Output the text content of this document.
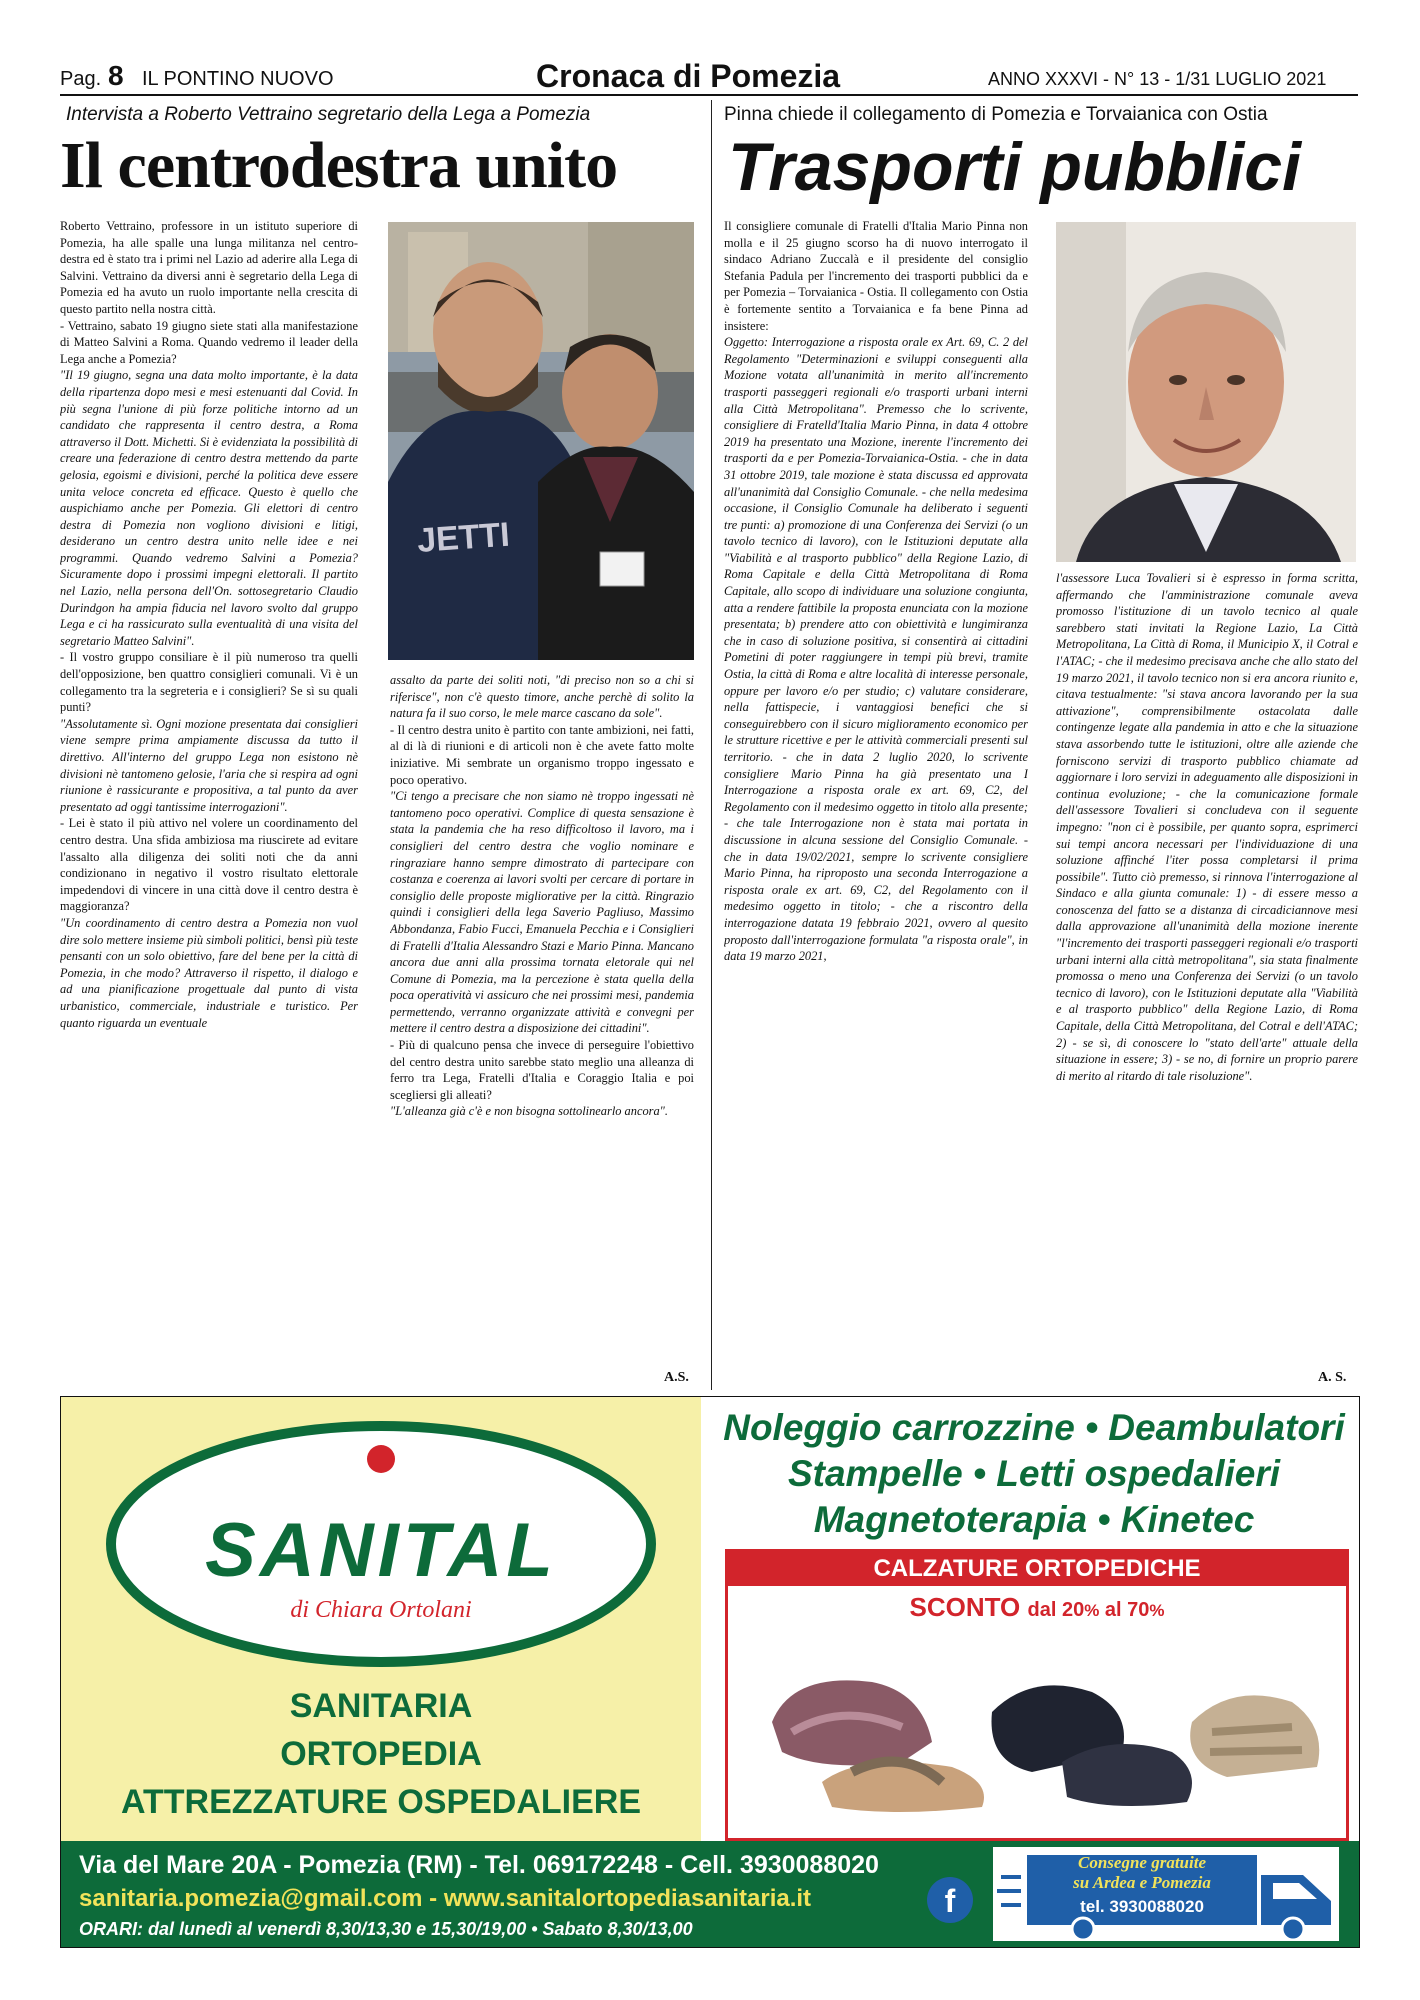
Pag. 8 IL PONTINO NUOVO	Cronaca di Pomezia	ANNO XXXVI - N° 13 - 1/31 LUGLIO 2021
Intervista a Roberto Vettraino segretario della Lega a Pomezia
Il centrodestra unito

Roberto Vettraino, professore in un istituto superiore di Pomezia, ha alle spalle una lunga militanza nel centro- destra ed è stato tra i primi nel Lazio ad aderire alla Lega di Salvini. Vettraino da diversi anni è segretario della Lega di Pomezia ed ha avuto un ruolo importante nella crescita di questo partito nella nostra città.

- Vettraino, sabato 19 giugno siete stati alla manifestazione di Matteo Salvini a Roma. Quando vedremo il leader della Lega anche a Pomezia?

"Il 19 giugno, segna una data molto importante, è la data della ripartenza dopo mesi e mesi estenuanti dal Covid. In più segna l'unione di più forze politiche intorno ad un candidato che rappresenta il centro destra, a Roma attraverso il Dott. Michetti. Si è evidenziata la possibilità di creare una federazione di centro destra mettendo da parte gelosia, egoismi e divisioni, perché la politica deve essere unita veloce concreta ed efficace. Questo è quello che auspichiamo anche per Pomezia. Gli elettori di centro destra di Pomezia non vogliono divisioni e litigi, desiderano un centro destra unito nelle idee e nei programmi. Quando vedremo Salvini a Pomezia? Sicuramente dopo i prossimi impegni elettorali. Il partito nel Lazio, nella persona dell'On. sottosegretario Claudio Durindgon ha ampia fiducia nel lavoro svolto dal gruppo Lega e ci ha rassicurato sulla eventualità di una visita del segretario Matteo Salvini".

- Il vostro gruppo consiliare è il più numeroso tra quelli dell'opposizione, ben quattro consiglieri comunali. Vi è un collegamento tra la segreteria e i consiglieri? Se sì su quali punti?

"Assolutamente sì. Ogni mozione presentata dai consiglieri viene sempre prima ampiamente discussa da tutto il direttivo. All'interno del gruppo Lega non esistono nè divisioni nè tantomeno gelosie, l'aria che si respira ad ogni riunione è rassicurante e propositiva, a tal punto da aver presentato ad oggi tantissime interrogazioni".

- Lei è stato il più attivo nel volere un coordinamento del centro destra. Una sfida ambiziosa ma riuscirete ad evitare l'assalto alla diligenza dei soliti noti che da anni condizionano in negativo il vostro risultato elettorale impedendovi di vincere in una città dove il centro destra è maggioranza?

"Un coordinamento di centro destra a Pomezia non vuol dire solo mettere insieme più simboli politici, bensì più teste pensanti con un solo obiettivo, fare del bene per la città di Pomezia, in che modo? Attraverso il rispetto, il dialogo e ad una pianificazione progettuale dal punto di vista urbanistico, commerciale, industriale e turistico. Per quanto riguarda un eventuale

JETTI

assalto da parte dei soliti noti, "di preciso non so a chi si riferisce", non c'è questo timore, anche perchè di solito la natura fa il suo corso, le mele marce cascano da sole".

- Il centro destra unito è partito con tante ambizioni, nei fatti, al di là di riunioni e di articoli non è che avete fatto molte iniziative. Mi sembrate un organismo troppo ingessato e poco operativo.

"Ci tengo a precisare che non siamo nè troppo ingessati nè tantomeno poco operativi. Complice di questa sensazione è stata la pandemia che ha reso difficoltoso il lavoro, ma i consiglieri del centro destra che voglio nominare e ringraziare hanno sempre dimostrato di partecipare con costanza e coerenza ai lavori svolti per cercare di portare in consiglio delle proposte migliorative per la città. Ringrazio quindi i consiglieri della lega Saverio Pagliuso, Massimo Abbondanza, Fabio Fucci, Emanuela Pecchia e i Consiglieri di Fratelli d'Italia Alessandro Stazi e Mario Pinna. Mancano ancora due anni alla prossima tornata eletorale qui nel Comune di Pomezia, ma la percezione è stata quella della poca operatività vi assicuro che nei prossimi mesi, pandemia permettendo, verranno organizzate attività e convegni per mettere il centro destra a disposizione dei cittadini".

- Più di qualcuno pensa che invece di perseguire l'obiettivo del centro destra unito sarebbe stato meglio una alleanza di ferro tra Lega, Fratelli d'Italia e Coraggio Italia e poi scegliersi gli alleati?

"L'alleanza già c'è e non bisogna sottolinearlo ancora".

A.S.
Pinna chiede il collegamento di Pomezia e Torvaianica con Ostia
Trasporti pubblici

Il consigliere comunale di Fratelli d'Italia Mario Pinna non molla e il 25 giugno scorso ha di nuovo interrogato il sindaco Adriano Zuccalà e il presidente del consiglio Stefania Padula per l'incremento dei trasporti pubblici da e per Pomezia – Torvaianica - Ostia. Il collegamento con Ostia è fortemente sentito a Torvaianica e fa bene Pinna ad insistere:

Oggetto: Interrogazione a risposta orale ex Art. 69, C. 2 del Regolamento "Determinazioni e sviluppi conseguenti alla Mozione votata all'unanimità in merito all'incremento trasporti passeggeri regionali e/o trasporti urbani interni alla Città Metropolitana". Premesso che lo scrivente, consigliere di Fratelld'Italia Mario Pinna, in data 4 ottobre 2019 ha presentato una Mozione, inerente l'incremento dei trasporti da e per Pomezia-Torvaianica-Ostia. - che in data 31 ottobre 2019, tale mozione è stata discussa ed approvata all'unanimità dal Consiglio Comunale. - che nella medesima occasione, il Consiglio Comunale ha deliberato i seguenti tre punti: a) promozione di una Conferenza dei Servizi (o un tavolo tecnico di lavoro), con le Istituzioni deputate alla "Viabilità e al trasporto pubblico" della Regione Lazio, di Roma Capitale e della Città Metropolitana di Roma Capitale, allo scopo di individuare una soluzione congiunta, atta a rendere fattibile la proposta enunciata con la mozione presentata; b) prendere atto con obiettività e lungimiranza che in caso di soluzione positiva, si consentirà ai cittadini Pometini di poter raggiungere in tempi più brevi, tramite Ostia, la città di Roma e altre località di interesse personale, oppure per lavoro e/o per studio; c) valutare considerare, nella fattispecie, i vantaggiosi benefici che si conseguirebbero con il sicuro miglioramento economico per le strutture ricettive e per le attività commerciali presenti sul territorio. - che in data 2 luglio 2020, lo scrivente consigliere Mario Pinna ha già presentato una I Interrogazione a risposta orale ex art. 69, C2, del Regolamento con il medesimo oggetto in titolo alla presente; - che tale Interrogazione non è stata mai portata in discussione in alcuna sessione del Consiglio Comunale. - che in data 19/02/2021, sempre lo scrivente consigliere Mario Pinna, ha riproposto una seconda Interrogazione a risposta orale ex art. 69, C2, del Regolamento con il medesimo oggetto in titolo; - che a riscontro della interrogazione datata 19 febbraio 2021, ovvero al quesito proposto dall'interrogazione formulata "a risposta orale", in data 19 marzo 2021,

l'assessore Luca Tovalieri si è espresso in forma scritta, affermando che l'amministrazione comunale aveva promosso l'istituzione di un tavolo tecnico al quale sarebbero stati invitati la Regione Lazio, La Città Metropolitana, La Città di Roma, il Municipio X, il Cotral e l'ATAC; - che il medesimo precisava anche che allo stato del 19 marzo 2021, il tavolo tecnico non si era ancora riunito e, citava testualmente: "si stava ancora lavorando per la sua attivazione", comprensibilmente ostacolata dalle contingenze legate alla pandemia in atto e che la situazione stava assorbendo tutte le istituzioni, oltre alle aziende che forniscono servizi di trasporto pubblico chiamate ad aggiornare i loro servizi in adeguamento alle disposizioni in continua evoluzione; - che la comunicazione formale dell'assessore Tovalieri si concludeva con il seguente impegno: "non ci è possibile, per quanto sopra, esprimerci sui tempi ancora necessari per l'individuazione di una soluzione affinché l'iter possa completarsi il prima possibile". Tutto ciò premesso, si rinnova l'interrogazione al Sindaco e alla giunta comunale: 1) - di essere messo a conoscenza del fatto se a distanza di circadiciannove mesi dalla approvazione all'unanimità della mozione inerente "l'incremento dei trasporti passeggeri regionali e/o trasporti urbani interni alla città metropolitana", sia stata finalmente promossa o meno una Conferenza dei Servizi (o un tavolo tecnico di lavoro), con le Istituzioni deputate alla "Viabilità e al trasporto pubblico" della Regione Lazio, di Roma Capitale, della Città Metropolitana, del Cotral e dell'ATAC; 2) - se sì, di conoscere lo "stato dell'arte" attuale della situazione in essere; 3) - se no, di fornire un proprio parere di merito al ritardo di tale risoluzione".

A. S.
SANITAL
di Chiara Ortolani
SANITARIA
ORTOPEDIA
ATTREZZATURE OSPEDALIERE
Noleggio carrozzine • Deambulatori
Stampelle • Letti ospedalieri
Magnetoterapia • Kinetec
CALZATURE ORTOPEDICHE
SCONTO dal 20% al 70%
Via del Mare 20A - Pomezia (RM) - Tel. 069172248 - Cell. 3930088020
sanitaria.pomezia@gmail.com - www.sanitalortopediasanitaria.it
ORARI: dal lunedì al venerdì 8,30/13,30 e 15,30/19,00 • Sabato 8,30/13,00
f
Consegne gratuite
su Ardea e Pomezia
tel. 3930088020
